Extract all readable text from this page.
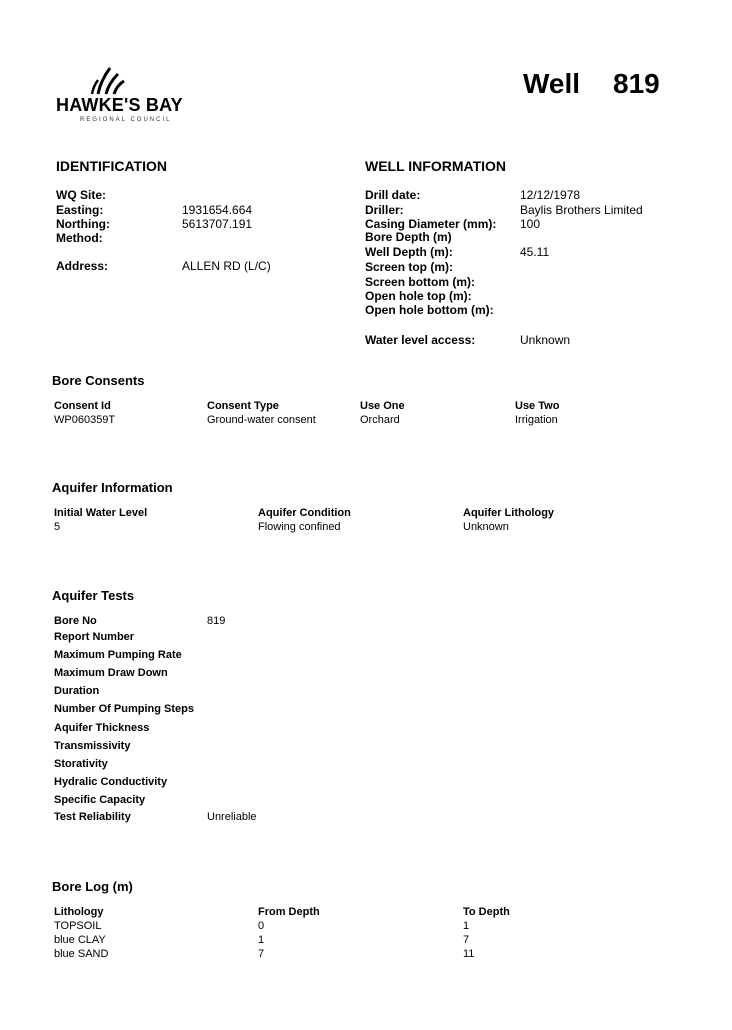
HAWKE'S BAY
REGIONAL COUNCIL
Well 819
IDENTIFICATION
WQ Site:
Easting:	1931654.664
Northing:	5613707.191
Method:
Address:	ALLEN RD (L/C)
WELL INFORMATION
Drill date:	12/12/1978
Driller:	Baylis Brothers Limited
Casing Diameter (mm): 100
Bore Depth (m)
Well Depth (m):	45.11
Screen top (m):
Screen bottom (m):
Open hole top (m):
Open hole bottom (m):
Water level access:	Unknown
Bore Consents
Consent Id	Consent Type	Use One	Use Two
WP060359T	Ground-water consent	Orchard	Irrigation
Aquifer Information
Initial Water Level	Aquifer Condition	Aquifer Lithology
5	Flowing confined	Unknown
Aquifer Tests
Bore No	819
Report Number
Maximum Pumping Rate
Maximum Draw Down
Duration
Number Of Pumping Steps
Aquifer Thickness
Transmissivity
Storativity
Hydralic Conductivity
Specific Capacity
Test Reliability	Unreliable
Bore Log (m)
Lithology	From Depth	To Depth
TOPSOIL	0	1
blue CLAY	1	7
blue SAND	7	11
